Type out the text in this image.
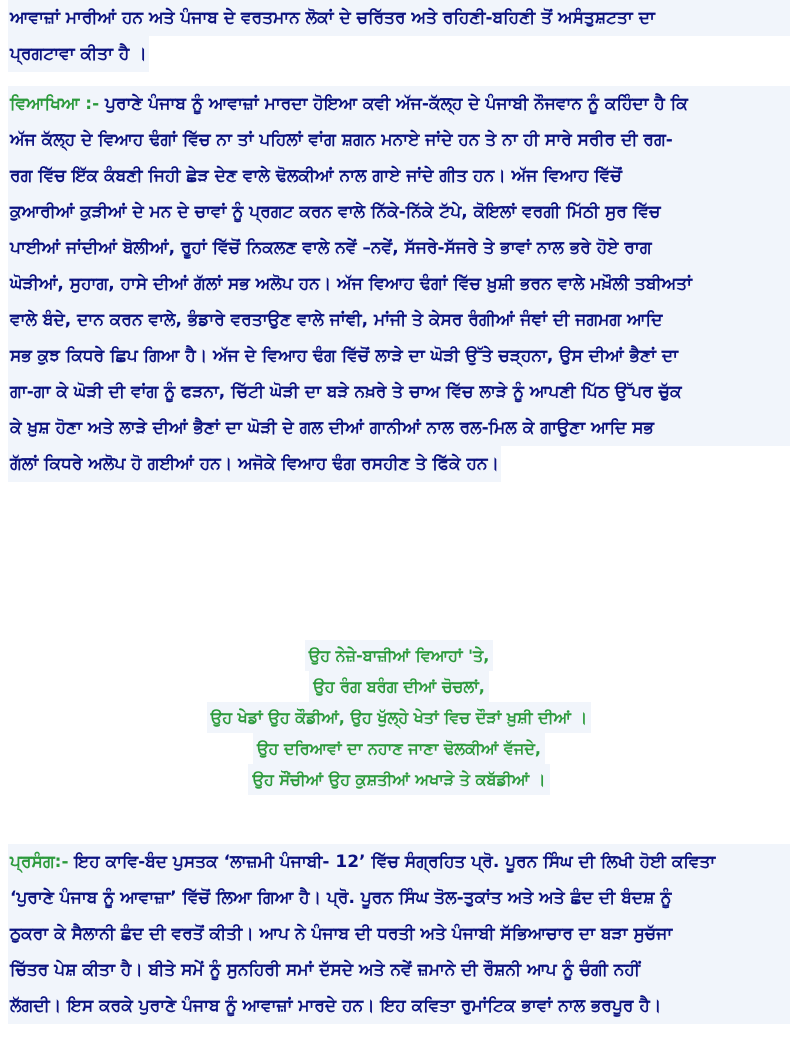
ਆਵਾਜ਼ਾਂ ਮਾਰੀਆਂ ਹਨ ਅਤੇ ਪੰਜਾਬ ਦੇ ਵਰਤਮਾਨ ਲੋਕਾਂ ਦੇ ਚਰਿੱਤਰ ਅਤੇ ਰਹਿਣੀ-ਬਹਿਣੀ ਤੋਂ ਅਸੰਤੁਸ਼ਟਤਾ ਦਾ
ਪ੍ਰਗਟਾਵਾ ਕੀਤਾ ਹੈ ।
ਵਿਆਖਿਆ :- ਪੁਰਾਣੇ ਪੰਜਾਬ ਨੂੰ ਆਵਾਜ਼ਾਂ ਮਾਰਦਾ ਹੋਇਆ ਕਵੀ ਅੱਜ-ਕੱਲ੍ਹ ਦੇ ਪੰਜਾਬੀ ਨੌਜਵਾਨ ਨੂੰ ਕਹਿੰਦਾ ਹੈ ਕਿ
ਅੱਜ ਕੱਲ੍ਹ ਦੇ ਵਿਆਹ ਢੰਗਾਂ ਵਿੱਚ ਨਾ ਤਾਂ ਪਹਿਲਾਂ ਵਾਂਗ ਸ਼ਗਨ ਮਨਾਏ ਜਾਂਦੇ ਹਨ ਤੇ ਨਾ ਹੀ ਸਾਰੇ ਸਰੀਰ ਦੀ ਰਗ-
ਰਗ ਵਿੱਚ ਇੱਕ ਕੰਬਣੀ ਜਿਹੀ ਛੇੜ ਦੇਣ ਵਾਲੇ ਢੋਲਕੀਆਂ ਨਾਲ ਗਾਏ ਜਾਂਦੇ ਗੀਤ ਹਨ। ਅੱਜ ਵਿਆਹ ਵਿੱਚੋਂ
ਕੁਆਰੀਆਂ ਕੁੜੀਆਂ ਦੇ ਮਨ ਦੇ ਚਾਵਾਂ ਨੂੰ ਪ੍ਰਗਟ ਕਰਨ ਵਾਲੇ ਨਿੱਕੇ-ਨਿੱਕੇ ਟੱਪੇ, ਕੋਇਲਾਂ ਵਰਗੀ ਮਿੱਠੀ ਸੁਰ ਵਿੱਚ
ਪਾਈਆਂ ਜਾਂਦੀਆਂ ਬੋਲੀਆਂ, ਰੂਹਾਂ ਵਿੱਚੋਂ ਨਿਕਲਣ ਵਾਲੇ ਨਵੇਂ –ਨਵੇਂ, ਸੱਜਰੇ-ਸੱਜਰੇ ਤੇ ਭਾਵਾਂ ਨਾਲ ਭਰੇ ਹੋਏ ਰਾਗ
ਘੋੜੀਆਂ, ਸੁਹਾਗ, ਹਾਸੇ ਦੀਆਂ ਗੱਲਾਂ ਸਭ ਅਲੋਪ ਹਨ। ਅੱਜ ਵਿਆਹ ਢੰਗਾਂ ਵਿੱਚ ਖ਼ੁਸ਼ੀ ਭਰਨ ਵਾਲੇ ਮਖ਼ੌਲੀ ਤਬੀਅਤਾਂ
ਵਾਲੇ ਬੰਦੇ, ਦਾਨ ਕਰਨ ਵਾਲੇ, ਭੰਡਾਰੇ ਵਰਤਾਉਣ ਵਾਲੇ ਜਾਂਞੀ, ਮਾਂਜੀ ਤੇ ਕੇਸਰ ਰੰਗੀਆਂ ਜੰਞਾਂ ਦੀ ਜਗਮਗ ਆਦਿ
ਸਭ ਕੁਝ ਕਿਧਰੇ ਛਿਪ ਗਿਆ ਹੈ। ਅੱਜ ਦੇ ਵਿਆਹ ਢੰਗ ਵਿੱਚੋਂ ਲਾੜੇ ਦਾ ਘੋੜੀ ਉੱਤੇ ਚੜ੍ਹਨਾ, ਉਸ ਦੀਆਂ ਭੈਣਾਂ ਦਾ
ਗਾ-ਗਾ ਕੇ ਘੋੜੀ ਦੀ ਵਾਂਗ ਨੂੰ ਫੜਨਾ, ਚਿੱਟੀ ਘੋੜੀ ਦਾ ਬੜੇ ਨਖ਼ਰੇ ਤੇ ਚਾਅ ਵਿੱਚ ਲਾੜੇ ਨੂੰ ਆਪਣੀ ਪਿੱਠ ਉੱਪਰ ਚੁੱਕ
ਕੇ ਖ਼ੁਸ਼ ਹੋਣਾ ਅਤੇ ਲਾੜੇ ਦੀਆਂ ਭੈਣਾਂ ਦਾ ਘੋੜੀ ਦੇ ਗਲ ਦੀਆਂ ਗਾਨੀਆਂ ਨਾਲ ਰਲ-ਮਿਲ ਕੇ ਗਾਉਣਾ ਆਦਿ ਸਭ
ਗੱਲਾਂ ਕਿਧਰੇ ਅਲੋਪ ਹੋ ਗਈਆਂ ਹਨ। ਅਜੋਕੇ ਵਿਆਹ ਢੰਗ ਰਸਹੀਣ ਤੇ ਫਿੱਕੇ ਹਨ।
ਉਹ ਨੇਜ਼ੇ-ਬਾਜ਼ੀਆਂ ਵਿਆਹਾਂ 'ਤੇ,
ਉਹ ਰੰਗ ਬਰੰਗ ਦੀਆਂ ਚੋਚਲਾਂ,
ਉਹ ਖੇਡਾਂ ਉਹ ਕੌਡੀਆਂ, ਉਹ ਖੁੱਲ੍ਹੇ ਖੇਤਾਂ ਵਿਚ ਦੌੜਾਂ ਖ਼ੁਸ਼ੀ ਦੀਆਂ ।
ਉਹ ਦਰਿਆਵਾਂ ਦਾ ਨਹਾਣ ਜਾਣਾ ਢੋਲਕੀਆਂ ਵੱਜਦੇ,
ਉਹ ਸੌਂਚੀਆਂ ਉਹ ਕੁਸ਼ਤੀਆਂ ਅਖਾੜੇ ਤੇ ਕਬੱਡੀਆਂ ।
ਪ੍ਰਸੰਗ:- ਇਹ ਕਾਵਿ-ਬੰਦ ਪੁਸਤਕ ‘ਲਾਜ਼ਮੀ ਪੰਜਾਬੀ- 12’ ਵਿੱਚ ਸੰਗ੍ਰਹਿਤ ਪ੍ਰੋ. ਪੂਰਨ ਸਿੰਘ ਦੀ ਲਿਖੀ ਹੋਈ ਕਵਿਤਾ
‘ਪੁਰਾਣੇ ਪੰਜਾਬ ਨੂੰ ਆਵਾਜ਼ਾ’ ਵਿੱਚੋਂ ਲਿਆ ਗਿਆ ਹੈ। ਪ੍ਰੋ. ਪੂਰਨ ਸਿੰਘ ਤੋਲ-ਤੁਕਾਂਤ ਅਤੇ ਅਤੇ ਛੰਦ ਦੀ ਬੰਦਸ਼ ਨੂੰ
ਠੁਕਰਾ ਕੇ ਸੈਲਾਨੀ ਛੰਦ ਦੀ ਵਰਤੋਂ ਕੀਤੀ। ਆਪ ਨੇ ਪੰਜਾਬ ਦੀ ਧਰਤੀ ਅਤੇ ਪੰਜਾਬੀ ਸੱਭਿਆਚਾਰ ਦਾ ਬੜਾ ਸੁਚੱਜਾ
ਚਿੱਤਰ ਪੇਸ਼ ਕੀਤਾ ਹੈ। ਬੀਤੇ ਸਮੇਂ ਨੂੰ ਸੁਨਹਿਰੀ ਸਮਾਂ ਦੱਸਦੇ ਅਤੇ ਨਵੇਂ ਜ਼ਮਾਨੇ ਦੀ ਰੌਸ਼ਨੀ ਆਪ ਨੂੰ ਚੰਗੀ ਨਹੀਂ
ਲੱਗਦੀ। ਇਸ ਕਰਕੇ ਪੁਰਾਣੇ ਪੰਜਾਬ ਨੂੰ ਆਵਾਜ਼ਾਂ ਮਾਰਦੇ ਹਨ। ਇਹ ਕਵਿਤਾ ਰੁਮਾਂਟਿਕ ਭਾਵਾਂ ਨਾਲ ਭਰਪੂਰ ਹੈ।
